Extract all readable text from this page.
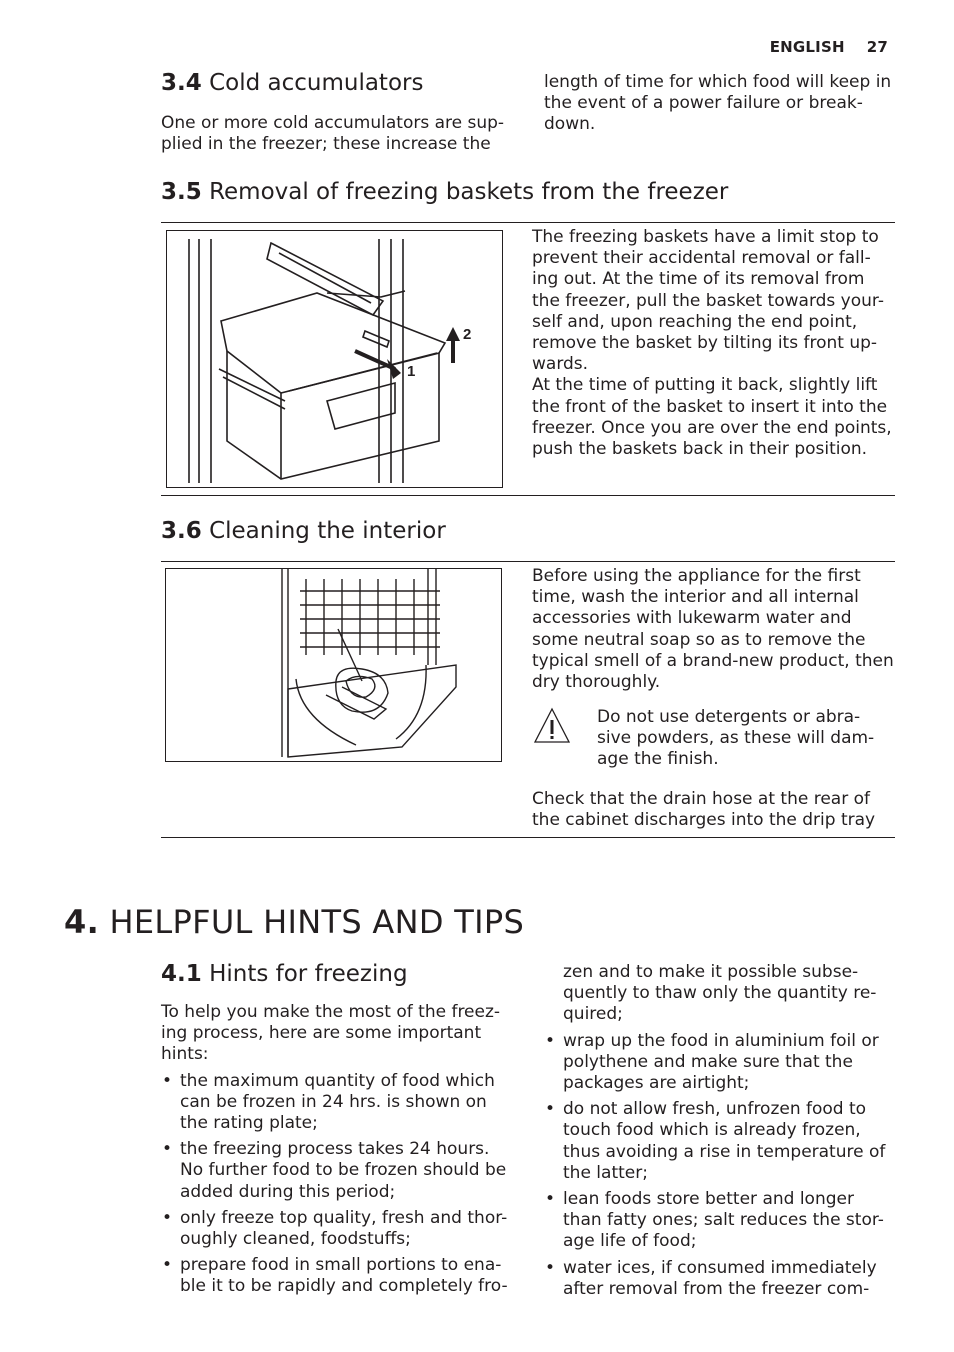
ENGLISH 27
3.4 Cold accumulators
One or more cold accumulators are sup-plied in the freezer; these increase the
length of time for which food will keep in the event of a power failure or break-down.
3.5 Removal of freezing baskets from the freezer
1
2
The freezing baskets have a limit stop to prevent their accidental removal or fall-ing out. At the time of its removal from the freezer, pull the basket towards your-self and, upon reaching the end point, remove the basket by tilting its front up-wards.
At the time of putting it back, slightly lift the front of the basket to insert it into the freezer. Once you are over the end points, push the baskets back in their position.
3.6 Cleaning the interior
Before using the appliance for the first time, wash the interior and all internal accessories with lukewarm water and some neutral soap so as to remove the typical smell of a brand-new product, then dry thoroughly.
Do not use detergents or abra-sive powders, as these will dam-age the finish.
Check that the drain hose at the rear of the cabinet discharges into the drip tray
4. HELPFUL HINTS AND TIPS
4.1 Hints for freezing
To help you make the most of the freez-ing process, here are some important hints:
• the maximum quantity of food which can be frozen in 24 hrs. is shown on the rating plate;
• the freezing process takes 24 hours. No further food to be frozen should be added during this period;
• only freeze top quality, fresh and thor-oughly cleaned, foodstuffs;
• prepare food in small portions to ena-ble it to be rapidly and completely fro-
zen and to make it possible subse-quently to thaw only the quantity re-quired;
• wrap up the food in aluminium foil or polythene and make sure that the packages are airtight;
• do not allow fresh, unfrozen food to touch food which is already frozen, thus avoiding a rise in temperature of the latter;
• lean foods store better and longer than fatty ones; salt reduces the stor-age life of food;
• water ices, if consumed immediately after removal from the freezer com-
